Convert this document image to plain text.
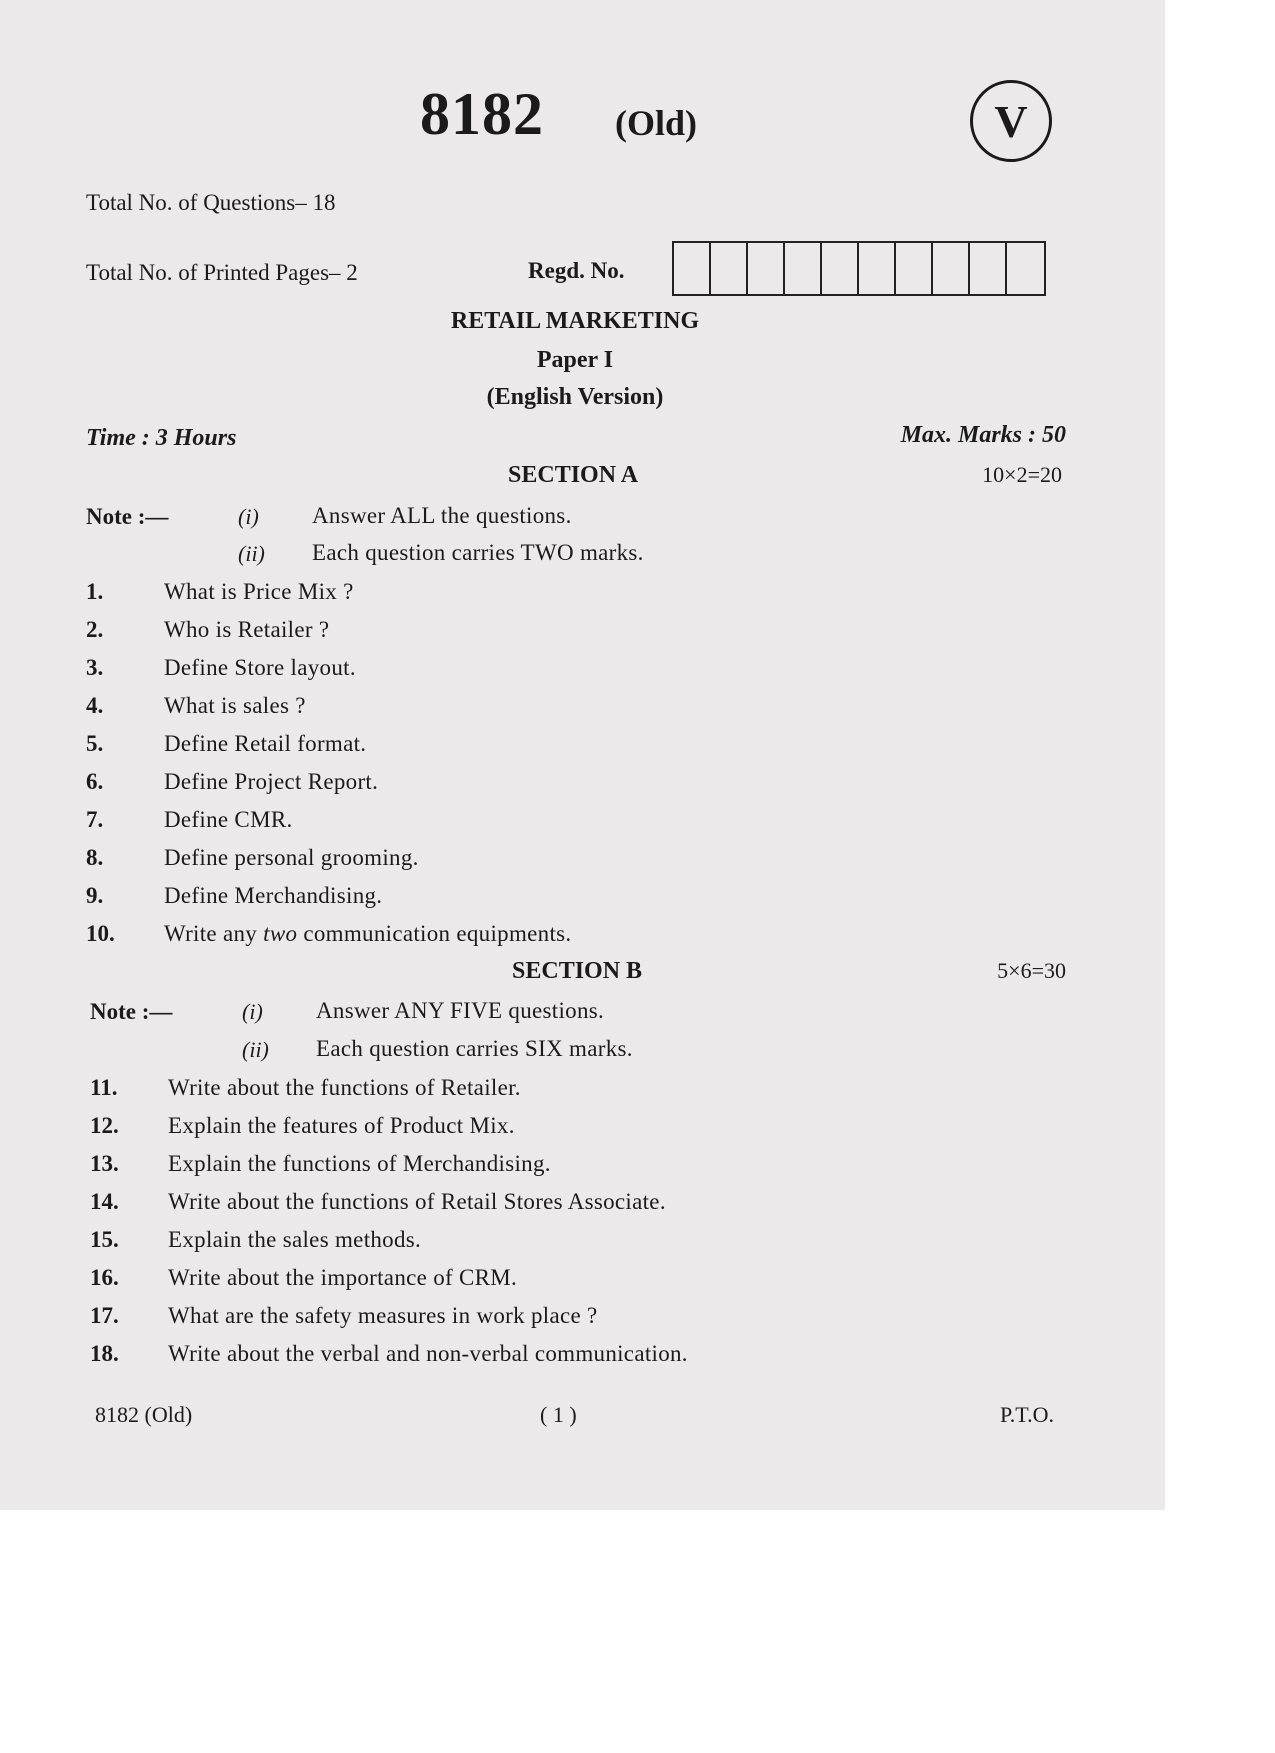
8182 (Old)	V
Total No. of Questions– 18
Total No. of Printed Pages– 2	Regd. No.
RETAIL MARKETING
Paper I
(English Version)
Time : 3 Hours	Max. Marks : 50
SECTION A	10×2=20
Note :—	(i) Answer ALL the questions.
(ii) Each question carries TWO marks.
1.	What is Price Mix ?
2.	Who is Retailer ?
3.	Define Store layout.
4.	What is sales ?
5.	Define Retail format.
6.	Define Project Report.
7.	Define CMR.
8.	Define personal grooming.
9.	Define Merchandising.
10. Write any two communication equipments.
SECTION B	5×6=30
Note :—	(i) Answer ANY FIVE questions.
(ii) Each question carries SIX marks.
11. Write about the functions of Retailer.
12. Explain the features of Product Mix.
13. Explain the functions of Merchandising.
14. Write about the functions of Retail Stores Associate.
15. Explain the sales methods.
16. Write about the importance of CRM.
17. What are the safety measures in work place ?
18. Write about the verbal and non-verbal communication.
8182 (Old)	( 1 )	P.T.O.
